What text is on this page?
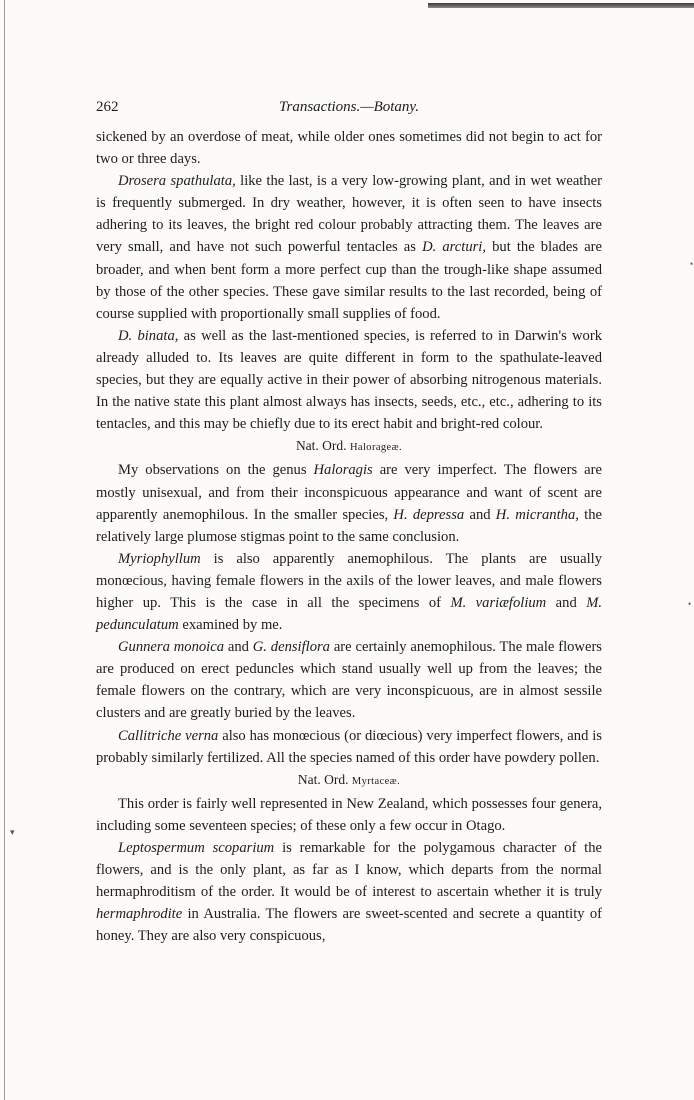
•
•
▾
262	Transactions.—Botany.

sickened by an overdose of meat, while older ones sometimes did not begin to act for two or three days.

Drosera spathulata, like the last, is a very low-growing plant, and in wet weather is frequently submerged. In dry weather, however, it is often seen to have insects adhering to its leaves, the bright red colour probably attracting them. The leaves are very small, and have not such powerful tentacles as D. arcturi, but the blades are broader, and when bent form a more perfect cup than the trough-like shape assumed by those of the other species. These gave similar results to the last recorded, being of course supplied with proportionally small supplies of food.

D. binata, as well as the last-mentioned species, is referred to in Darwin's work already alluded to. Its leaves are quite different in form to the spathulate-leaved species, but they are equally active in their power of absorbing nitrogenous materials. In the native state this plant almost always has insects, seeds, etc., etc., adhering to its tentacles, and this may be chiefly due to its erect habit and bright-red colour.

Nat. Ord. Haloragеæ.

My observations on the genus Haloragis are very imperfect. The flowers are mostly unisexual, and from their inconspicuous appearance and want of scent are apparently anemophilous. In the smaller species, H. depressa and H. micrantha, the relatively large plumose stigmas point to the same conclusion.

Myriophyllum is also apparently anemophilous. The plants are usually monœcious, having female flowers in the axils of the lower leaves, and male flowers higher up. This is the case in all the specimens of M. variæfolium and M. pedunculatum examined by me.

Gunnera monoica and G. densiflora are certainly anemophilous. The male flowers are produced on erect peduncles which stand usually well up from the leaves; the female flowers on the contrary, which are very inconspicuous, are in almost sessile clusters and are greatly buried by the leaves.

Callitriche verna also has monœcious (or diœcious) very imperfect flowers, and is probably similarly fertilized. All the species named of this order have powdery pollen.

Nat. Ord. Myrtaceæ.

This order is fairly well represented in New Zealand, which possesses four genera, including some seventeen species; of these only a few occur in Otago.

Leptospermum scoparium is remarkable for the polygamous character of the flowers, and is the only plant, as far as I know, which departs from the normal hermaphroditism of the order. It would be of interest to ascertain whether it is truly hermaphrodite in Australia. The flowers are sweet-scented and secrete a quantity of honey. They are also very conspicuous,
